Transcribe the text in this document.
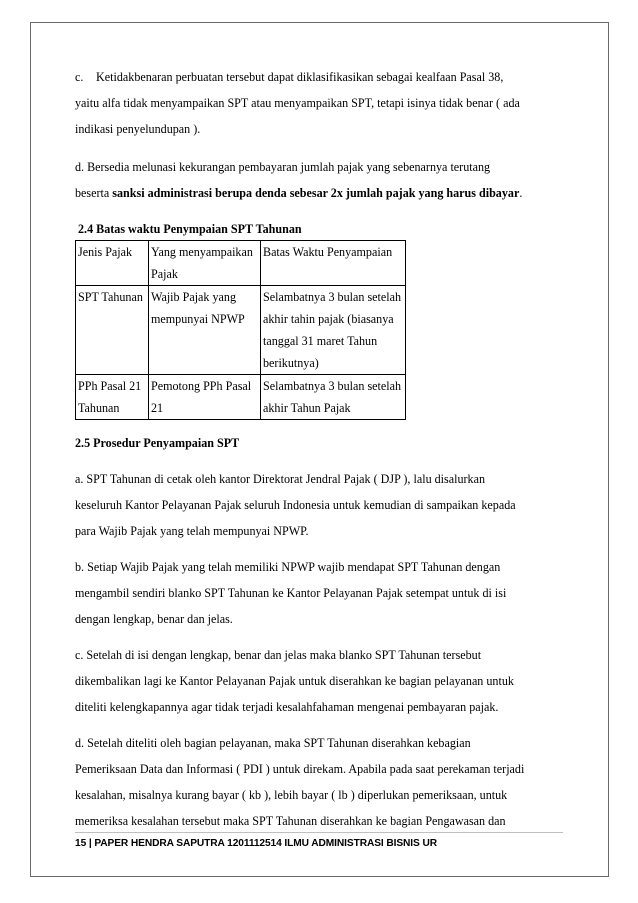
c. Ketidakbenaran perbuatan tersebut dapat diklasifikasikan sebagai kealfaan Pasal 38,

yaitu alfa tidak menyampaikan SPT atau menyampaikan SPT, tetapi isinya tidak benar ( ada

indikasi penyelundupan ).

d. Bersedia melunasi kekurangan pembayaran jumlah pajak yang sebenarnya terutang

beserta sanksi administrasi berupa denda sebesar 2x jumlah pajak yang harus dibayar.

2.4 Batas waktu Penympaian SPT Tahunan

Jenis Pajak	Yang menyampaikan Pajak	Batas Waktu Penyampaian
SPT Tahunan	Wajib Pajak yang mempunyai NPWP	Selambatnya 3 bulan setelah akhir tahin pajak (biasanya tanggal 31 maret Tahun berikutnya)
PPh Pasal 21 Tahunan	Pemotong PPh Pasal 21	Selambatnya 3 bulan setelah akhir Tahun Pajak

2.5 Prosedur Penyampaian SPT

a. SPT Tahunan di cetak oleh kantor Direktorat Jendral Pajak ( DJP ), lalu disalurkan

keseluruh Kantor Pelayanan Pajak seluruh Indonesia untuk kemudian di sampaikan kepada

para Wajib Pajak yang telah mempunyai NPWP.

b. Setiap Wajib Pajak yang telah memiliki NPWP wajib mendapat SPT Tahunan dengan

mengambil sendiri blanko SPT Tahunan ke Kantor Pelayanan Pajak setempat untuk di isi

dengan lengkap, benar dan jelas.

c. Setelah di isi dengan lengkap, benar dan jelas maka blanko SPT Tahunan tersebut

dikembalikan lagi ke Kantor Pelayanan Pajak untuk diserahkan ke bagian pelayanan untuk

diteliti kelengkapannya agar tidak terjadi kesalahfahaman mengenai pembayaran pajak.

d. Setelah diteliti oleh bagian pelayanan, maka SPT Tahunan diserahkan kebagian

Pemeriksaan Data dan Informasi ( PDI ) untuk direkam. Apabila pada saat perekaman terjadi

kesalahan, misalnya kurang bayar ( kb ), lebih bayar ( lb ) diperlukan pemeriksaan, untuk

memeriksa kesalahan tersebut maka SPT Tahunan diserahkan ke bagian Pengawasan dan

15 | PAPER HENDRA SAPUTRA 1201112514 ILMU ADMINISTRASI BISNIS UR
